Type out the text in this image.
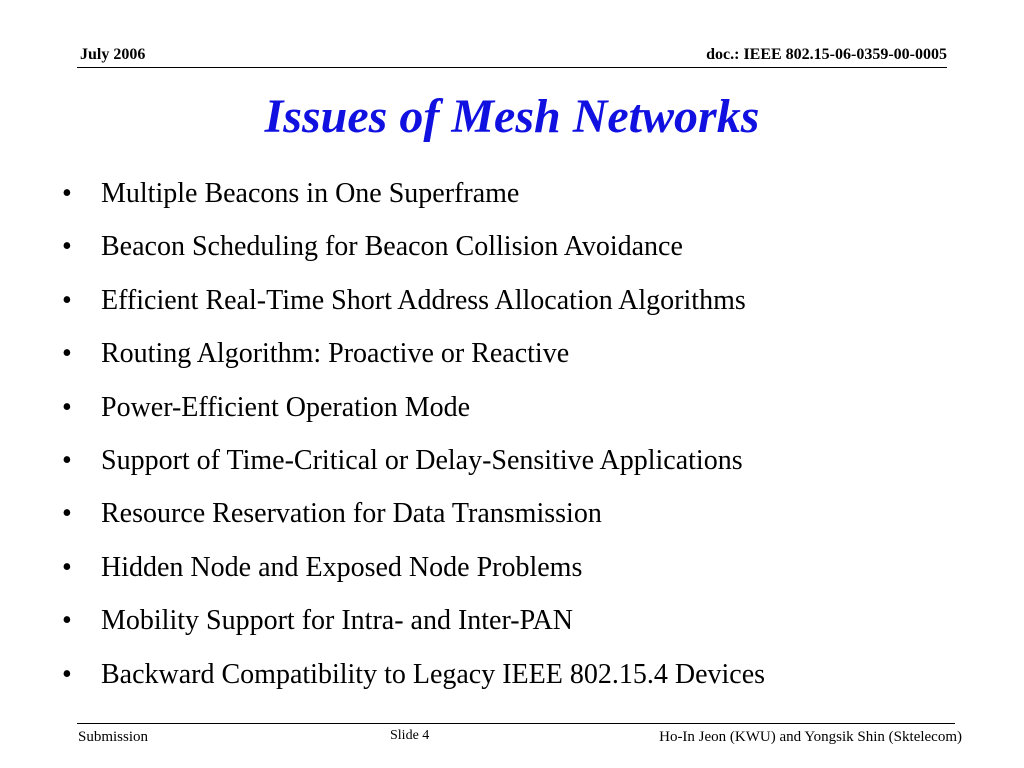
July 2006	doc.: IEEE 802.15-06-0359-00-0005
Issues of Mesh Networks
•	Multiple Beacons in One Superframe
•	Beacon Scheduling for Beacon Collision Avoidance
•	Efficient Real-Time Short Address Allocation Algorithms
•	Routing Algorithm: Proactive or Reactive
•	Power-Efficient Operation Mode
•	Support of Time-Critical or Delay-Sensitive Applications
•	Resource Reservation for Data Transmission
•	Hidden Node and Exposed Node Problems
•	Mobility Support for Intra- and Inter-PAN
•	Backward Compatibility to Legacy IEEE 802.15.4 Devices
Submission	Slide 4	Ho-In Jeon (KWU) and Yongsik Shin (Sktelecom)
